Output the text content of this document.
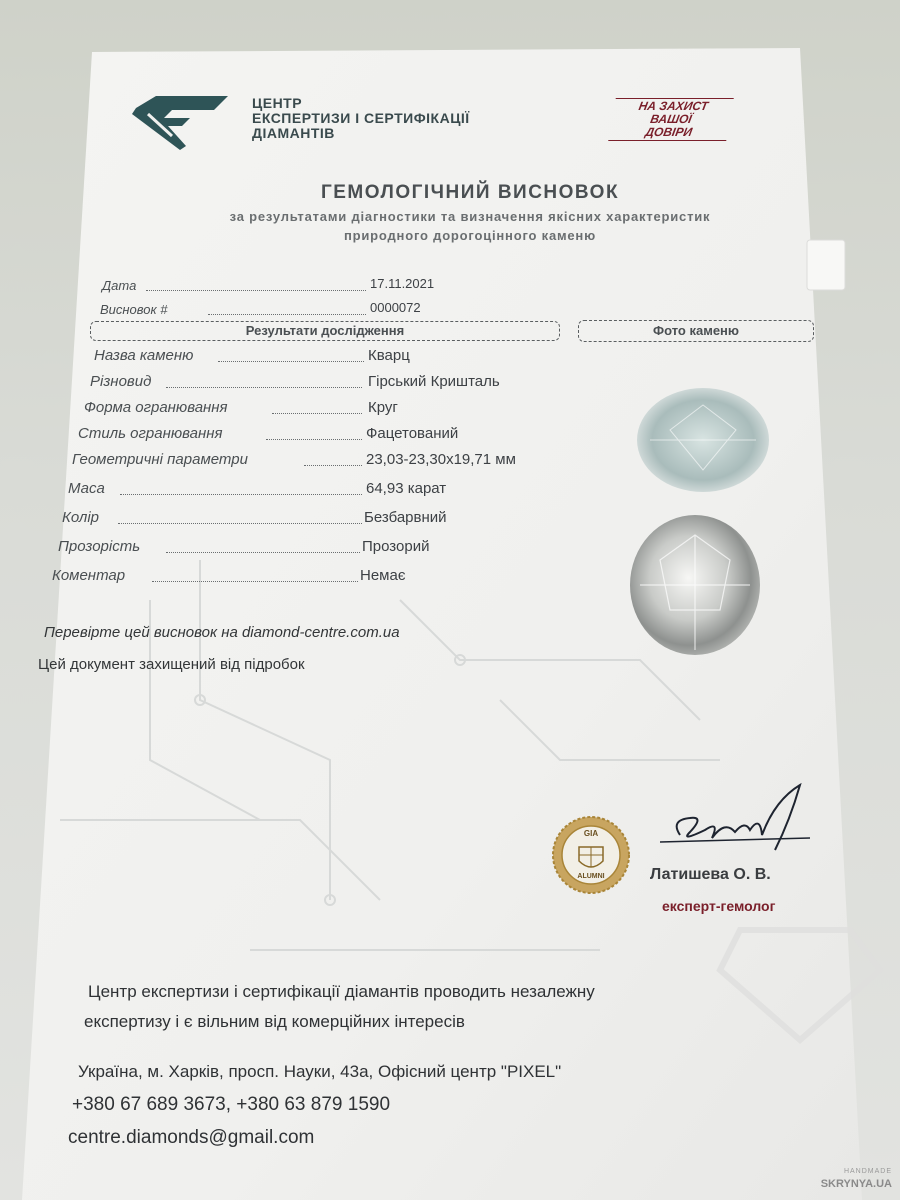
ЦЕНТР
ЕКСПЕРТИЗИ І СЕРТИФІКАЦІЇ
ДІАМАНТІВ
НА ЗАХИСТ
ВАШОЇ
ДОВІРИ
ГЕМОЛОГІЧНИЙ ВИСНОВОК
за результатами діагностики та визначення якісних характеристик
природного дорогоцінного каменю
Дата	17.11.2021
Висновок #	0000072
Результати дослідження	Фото каменю
Назва каменю	Кварц
Різновид	Гірський Кришталь
Форма огранювання	Круг
Стиль огранювання	Фацетований
Геометричні параметри	23,03-23,30х19,71 мм
Маса	64,93 карат
Колір	Безбарвний
Прозорість	Прозорий
Коментар	Немає
Перевірте цей висновок на diamond-centre.com.ua
Цей документ захищений від підробок
GIA
ALUMNI	Латишева О. В.
експерт-гемолог
Центр експертизи і сертифікації діамантів проводить незалежну
експертизу і є вільним від комерційних інтересів
Україна, м. Харків, просп. Науки, 43а, Офісний центр "PIXEL"
+380 67 689 3673, +380 63 879 1590
centre.diamonds@gmail.com
HANDMADE
SKRYNYA.UA
